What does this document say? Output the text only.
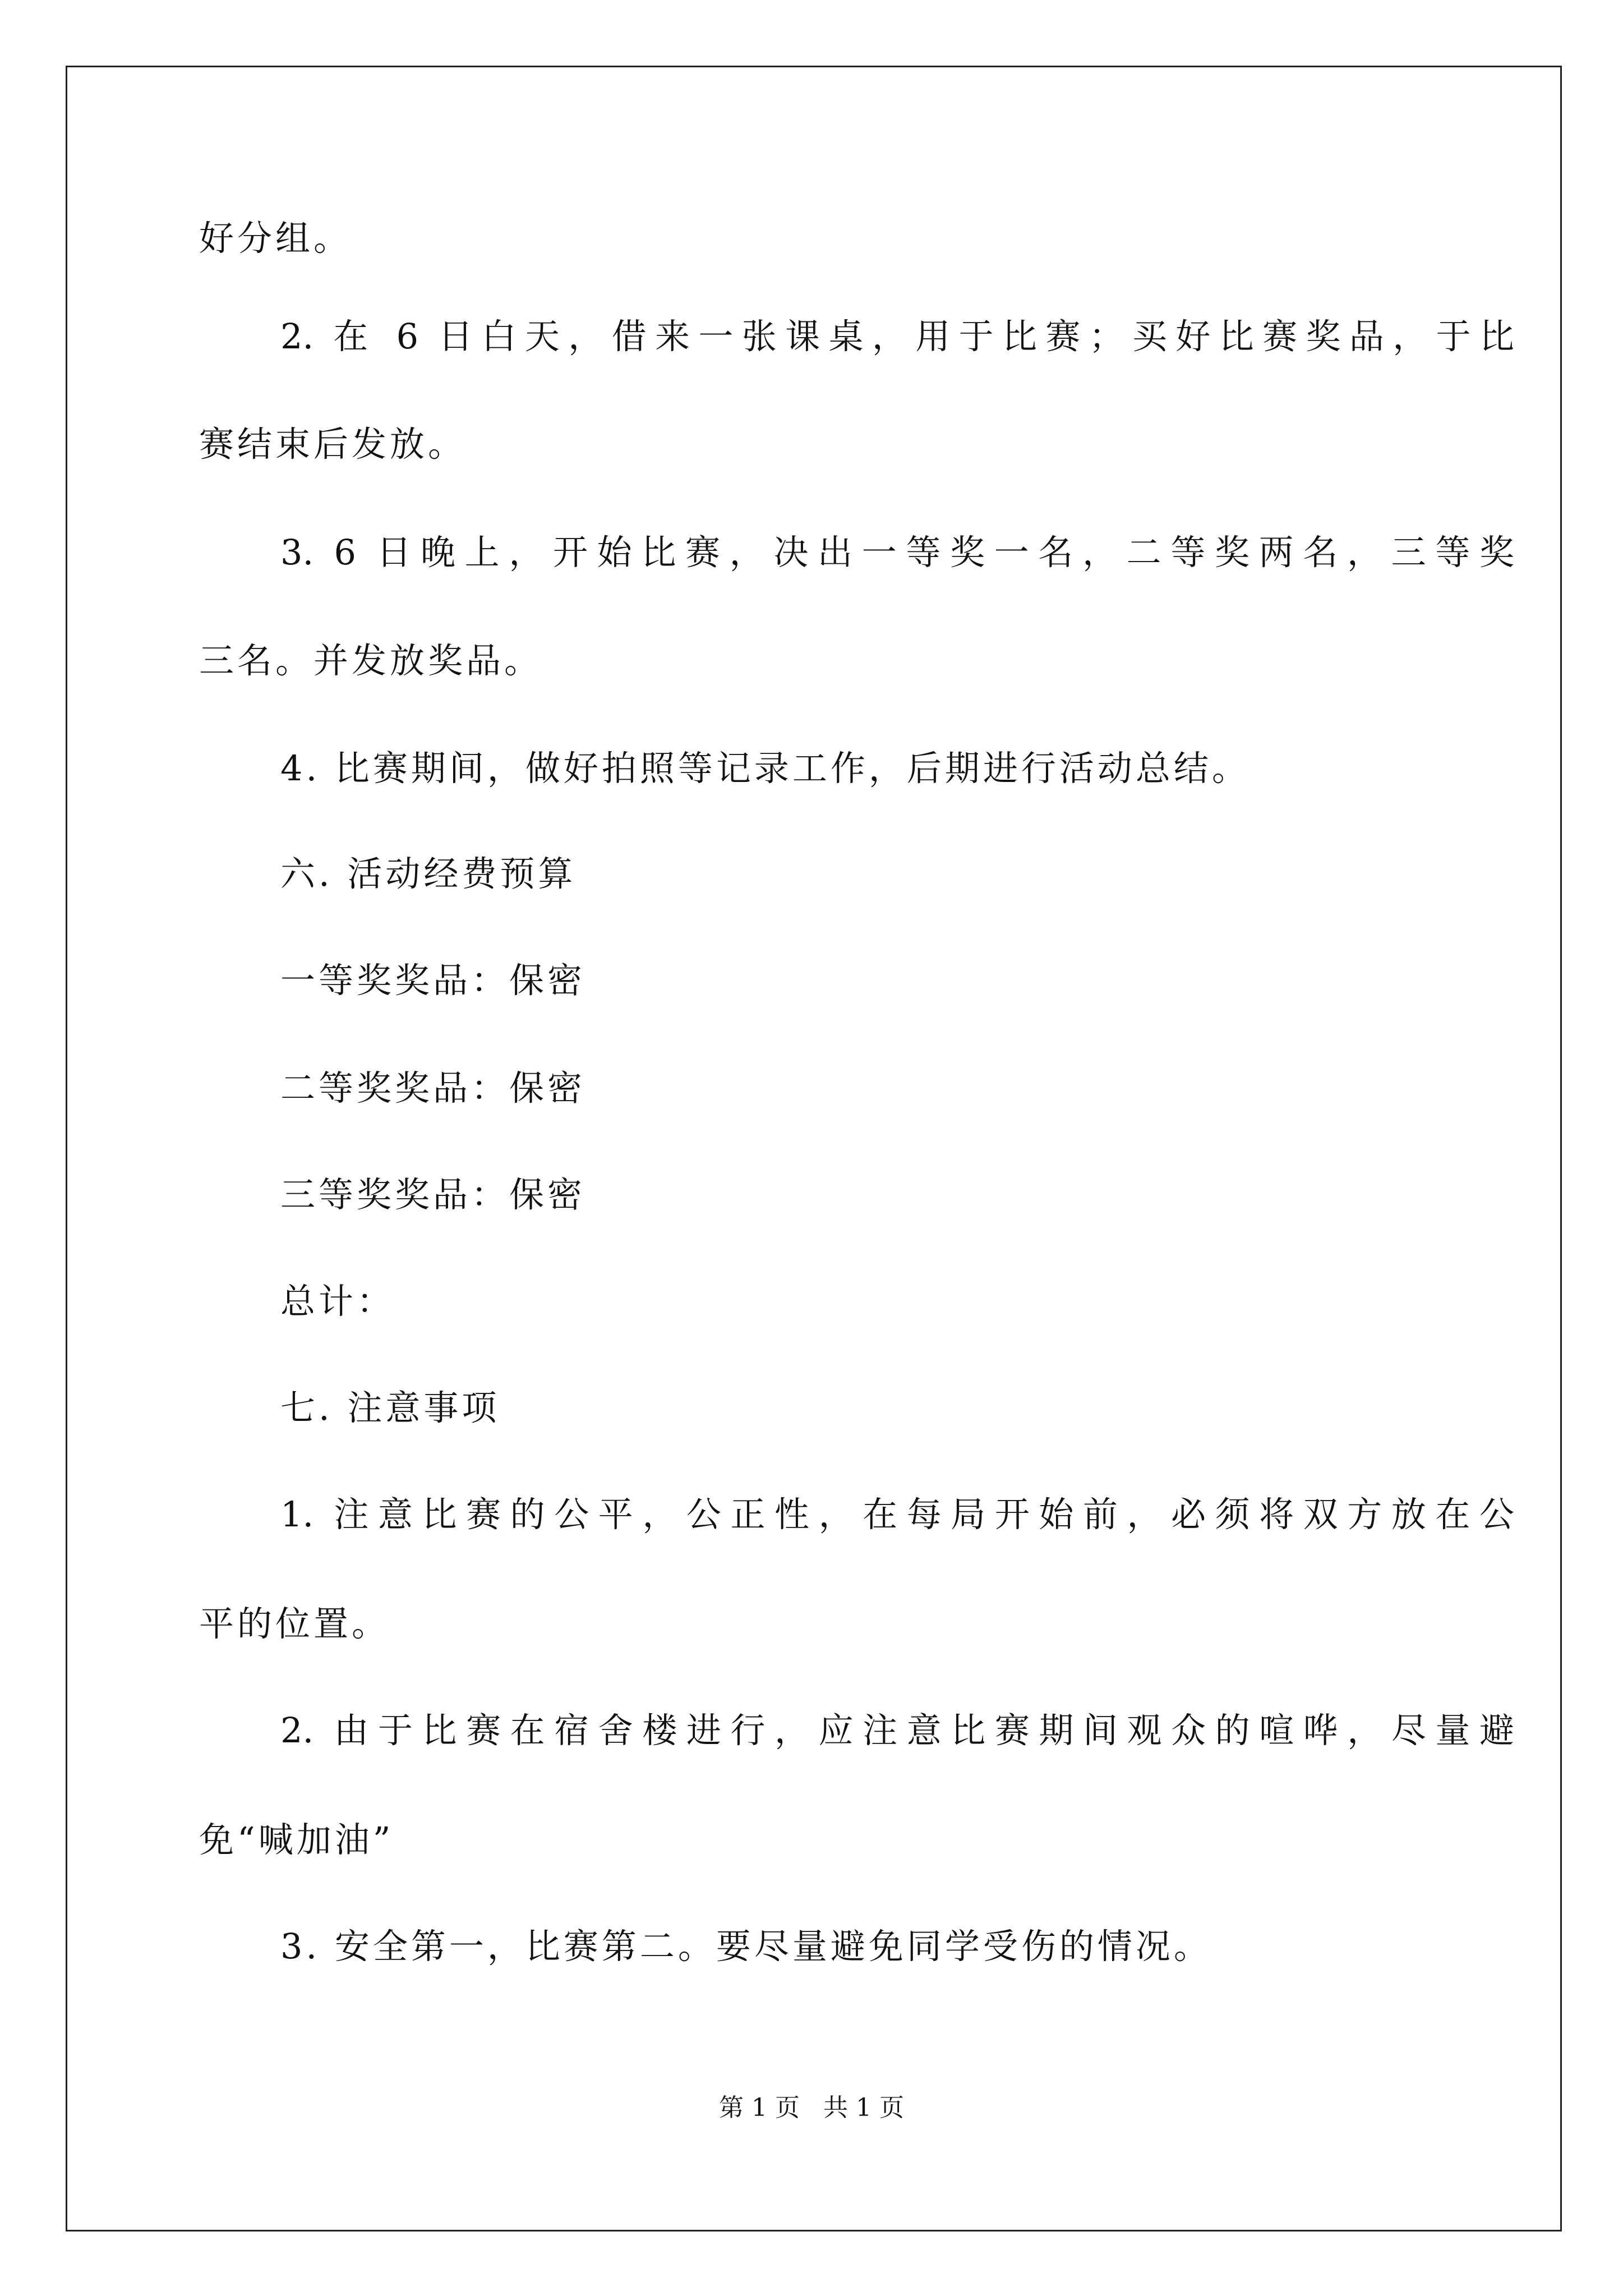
好分组。
2. 在 6 日白天，借来一张课桌，用于比赛；买好比赛奖品，于比
赛结束后发放。
3. 6 日晚上，开始比赛，决出一等奖一名，二等奖两名，三等奖
三名。并发放奖品。
4. 比赛期间，做好拍照等记录工作，后期进行活动总结。
六. 活动经费预算
一等奖奖品：保密
二等奖奖品：保密
三等奖奖品：保密
总计：
七. 注意事项
1. 注意比赛的公平，公正性，在每局开始前，必须将双方放在公
平的位置。
2. 由于比赛在宿舍楼进行，应注意比赛期间观众的喧哗，尽量避
免“喊加油”
3. 安全第一，比赛第二。要尽量避免同学受伤的情况。
第 1 页   共 1 页
